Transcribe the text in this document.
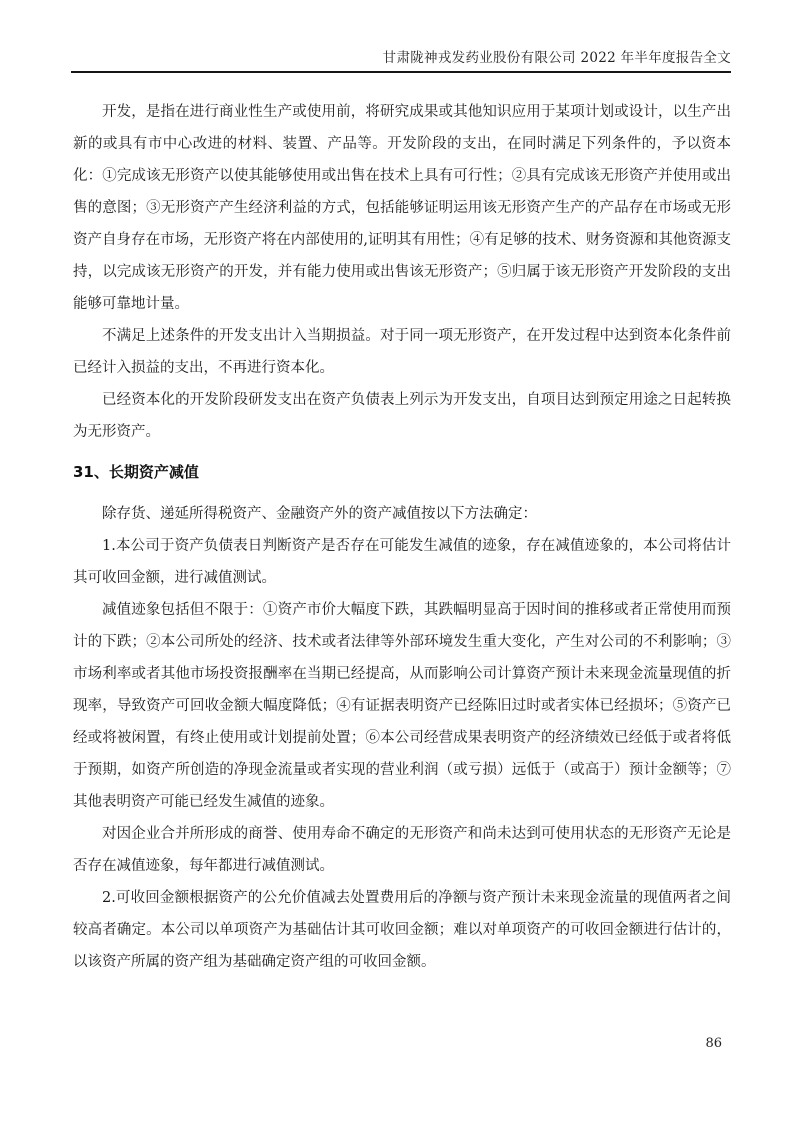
甘肃陇神戎发药业股份有限公司 2022 年半年度报告全文

开发，是指在进行商业性生产或使用前，将研究成果或其他知识应用于某项计划或设计，以生产出新的或具有市中心改进的材料、装置、产品等。开发阶段的支出，在同时满足下列条件的，予以资本化：①完成该无形资产以使其能够使用或出售在技术上具有可行性；②具有完成该无形资产并使用或出售的意图；③无形资产产生经济利益的方式，包括能够证明运用该无形资产生产的产品存在市场或无形资产自身存在市场，无形资产将在内部使用的,证明其有用性；④有足够的技术、财务资源和其他资源支持，以完成该无形资产的开发，并有能力使用或出售该无形资产；⑤归属于该无形资产开发阶段的支出能够可靠地计量。

不满足上述条件的开发支出计入当期损益。对于同一项无形资产，在开发过程中达到资本化条件前已经计入损益的支出，不再进行资本化。

已经资本化的开发阶段研发支出在资产负债表上列示为开发支出，自项目达到预定用途之日起转换为无形资产。

31、长期资产减值

除存货、递延所得税资产、金融资产外的资产减值按以下方法确定：

1.本公司于资产负债表日判断资产是否存在可能发生减值的迹象，存在减值迹象的，本公司将估计其可收回金额，进行减值测试。

减值迹象包括但不限于：①资产市价大幅度下跌，其跌幅明显高于因时间的推移或者正常使用而预计的下跌；②本公司所处的经济、技术或者法律等外部环境发生重大变化，产生对公司的不利影响；③市场利率或者其他市场投资报酬率在当期已经提高，从而影响公司计算资产预计未来现金流量现值的折现率，导致资产可回收金额大幅度降低；④有证据表明资产已经陈旧过时或者实体已经损坏；⑤资产已经或将被闲置，有终止使用或计划提前处置；⑥本公司经营成果表明资产的经济绩效已经低于或者将低于预期，如资产所创造的净现金流量或者实现的营业利润（或亏损）远低于（或高于）预计金额等；⑦其他表明资产可能已经发生减值的迹象。

对因企业合并所形成的商誉、使用寿命不确定的无形资产和尚未达到可使用状态的无形资产无论是否存在减值迹象，每年都进行减值测试。

2.可收回金额根据资产的公允价值减去处置费用后的净额与资产预计未来现金流量的现值两者之间较高者确定。本公司以单项资产为基础估计其可收回金额；难以对单项资产的可收回金额进行估计的，以该资产所属的资产组为基础确定资产组的可收回金额。

86
